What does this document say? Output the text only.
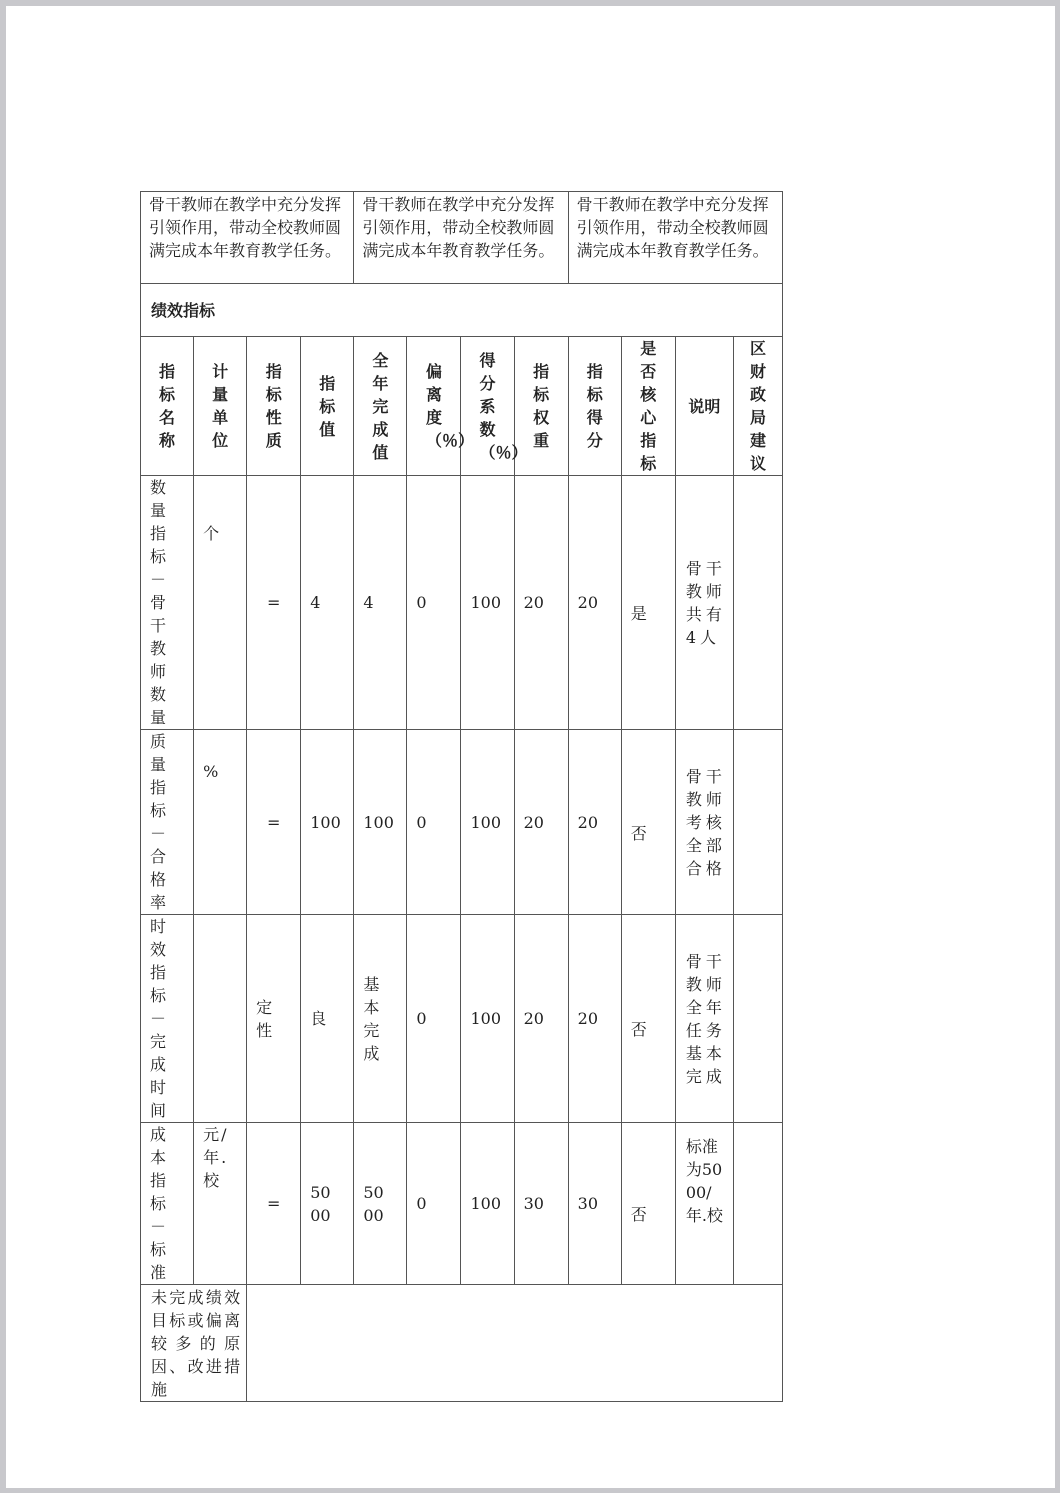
骨干教师在教学中充分发挥引领作用，带动全校教师圆满完成本年教育教学任务。				骨干教师在教学中充分发挥引领作用，带动全校教师圆满完成本年教育教学任务。				骨干教师在教学中充分发挥引领作用，带动全校教师圆满完成本年教育教学任务。			
绩效指标											

指标名称	计量单位	指标性质	指标值	全年完成值	偏离度（％）	得分系数（％）	指标权重	指标得分	是否核心指标	说明	区财政局建议

数量指标－骨干教师数量	个	=	4	4	0	100	20	20	是	骨干教师共有4人	

质量指标－合格率	%	=	100	100	0	100	20	20	否	骨干教师考核全部合格	

时效指标－完成时间		定性	良	基本完成	0	100	20	20	否	骨干教师全年任务基本完成	

成本指标－标准	元/年.校	=	5000	5000	0	100	30	30	否	标准为5000/年.校	
未完成绩效目标或偏离较多的原因、改进措施											
